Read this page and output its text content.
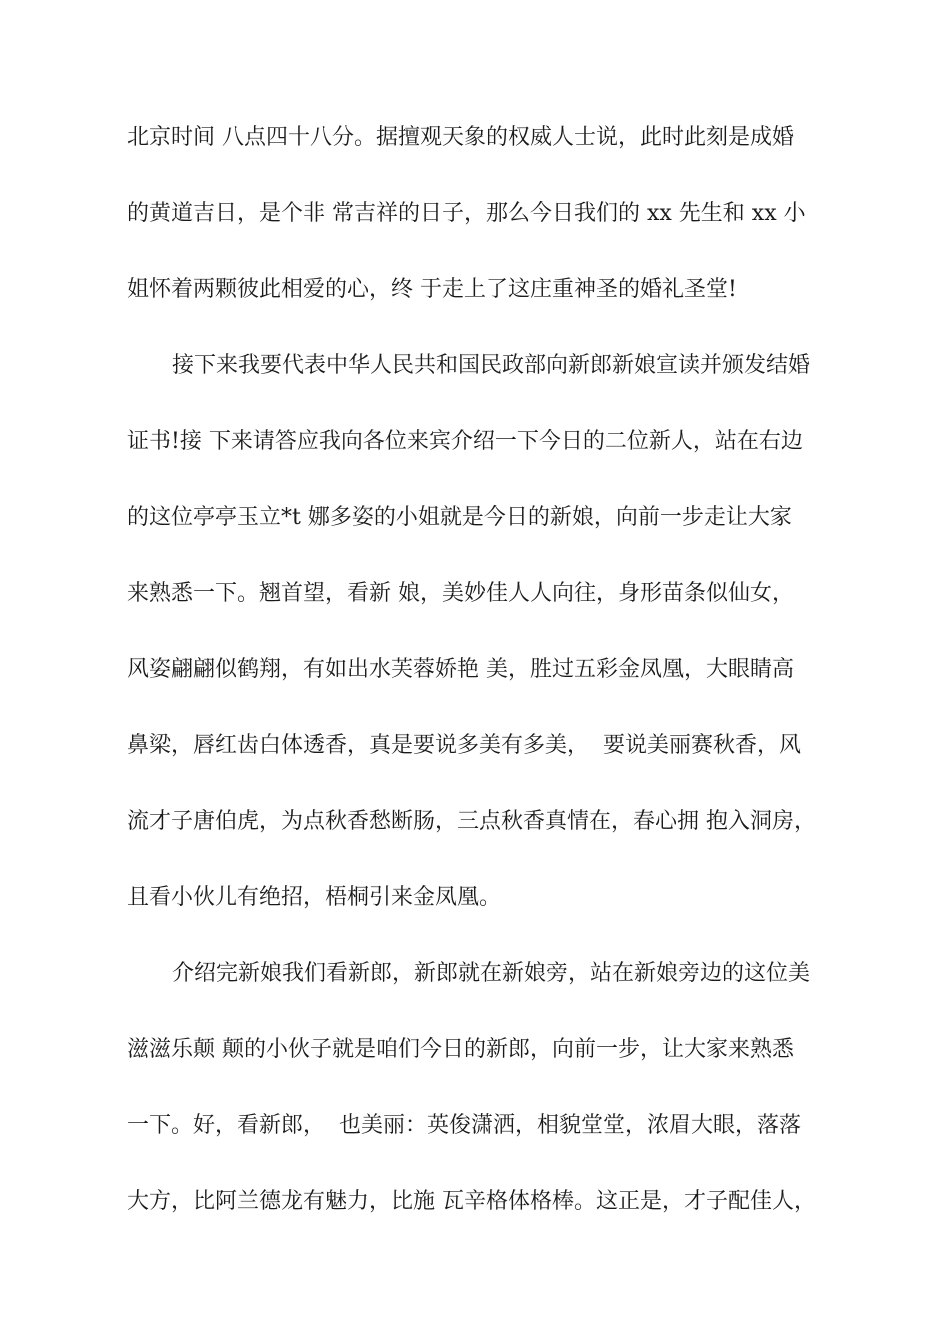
北京时间 八点四十八分。据擅观天象的权威人士说，此时此刻是成婚
的黄道吉日，是个非 常吉祥的日子，那么今日我们的 xx 先生和 xx 小
姐怀着两颗彼此相爱的心，终 于走上了这庄重神圣的婚礼圣堂!
接下来我要代表中华人民共和国民政部向新郎新娘宣读并颁发结婚
证书!接 下来请答应我向各位来宾介绍一下今日的二位新人，站在右边
的这位亭亭玉立*t 娜多姿的小姐就是今日的新娘，向前一步走让大家
来熟悉一下。翘首望，看新 娘，美妙佳人人向往，身形苗条似仙女，
风姿翩翩似鹤翔，有如出水芙蓉娇艳 美，胜过五彩金凤凰，大眼睛高
鼻梁，唇红齿白体透香，真是要说多美有多美，  要说美丽赛秋香，风
流才子唐伯虎，为点秋香愁断肠，三点秋香真情在，春心拥 抱入洞房，
且看小伙儿有绝招，梧桐引来金凤凰。
介绍完新娘我们看新郎，新郎就在新娘旁，站在新娘旁边的这位美
滋滋乐颠 颠的小伙子就是咱们今日的新郎，向前一步，让大家来熟悉
一下。好，看新郎，  也美丽：英俊潇洒，相貌堂堂，浓眉大眼，落落
大方，比阿兰德龙有魅力，比施 瓦辛格体格棒。这正是，才子配佳人，
